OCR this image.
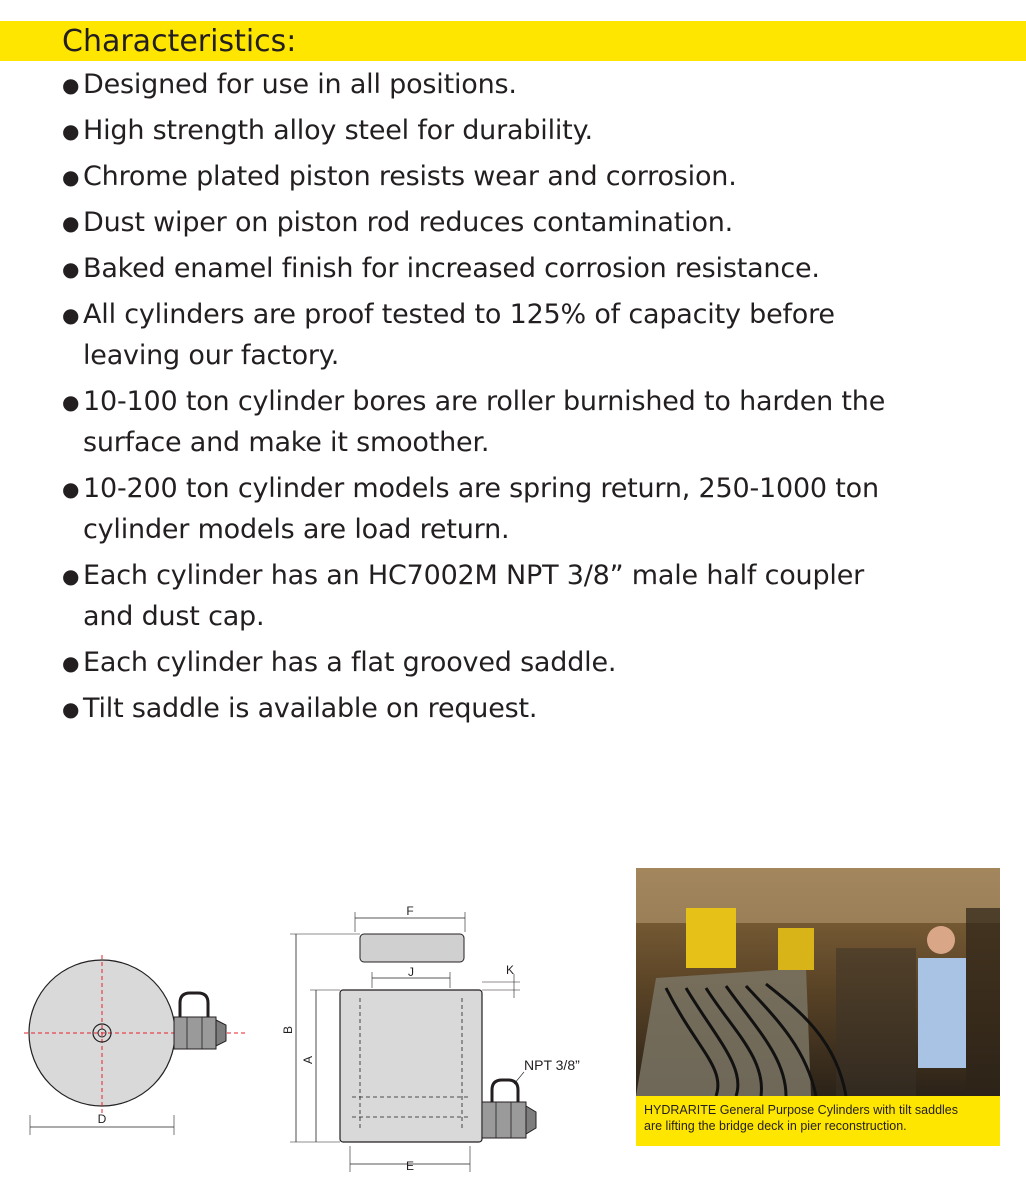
Characteristics:
● Designed for use in all positions.
● High strength alloy steel for durability.
● Chrome plated piston resists wear and corrosion.
● Dust wiper on piston rod reduces contamination.
● Baked enamel finish for increased corrosion resistance.
● All cylinders are proof tested to 125% of capacity before
leaving our factory.
● 10-100 ton cylinder bores are roller burnished to harden the
surface and make it smoother.
● 10-200 ton cylinder models are spring return, 250-1000 ton
cylinder models are load return.
● Each cylinder has an HC7002M NPT 3/8” male half coupler
and dust cap.
● Each cylinder has a flat grooved saddle.
● Tilt saddle is available on request.
D
F
J	K
B
A
E
NPT 3/8”
HYDRARITE General Purpose Cylinders with tilt saddles
are lifting the bridge deck in pier reconstruction.
